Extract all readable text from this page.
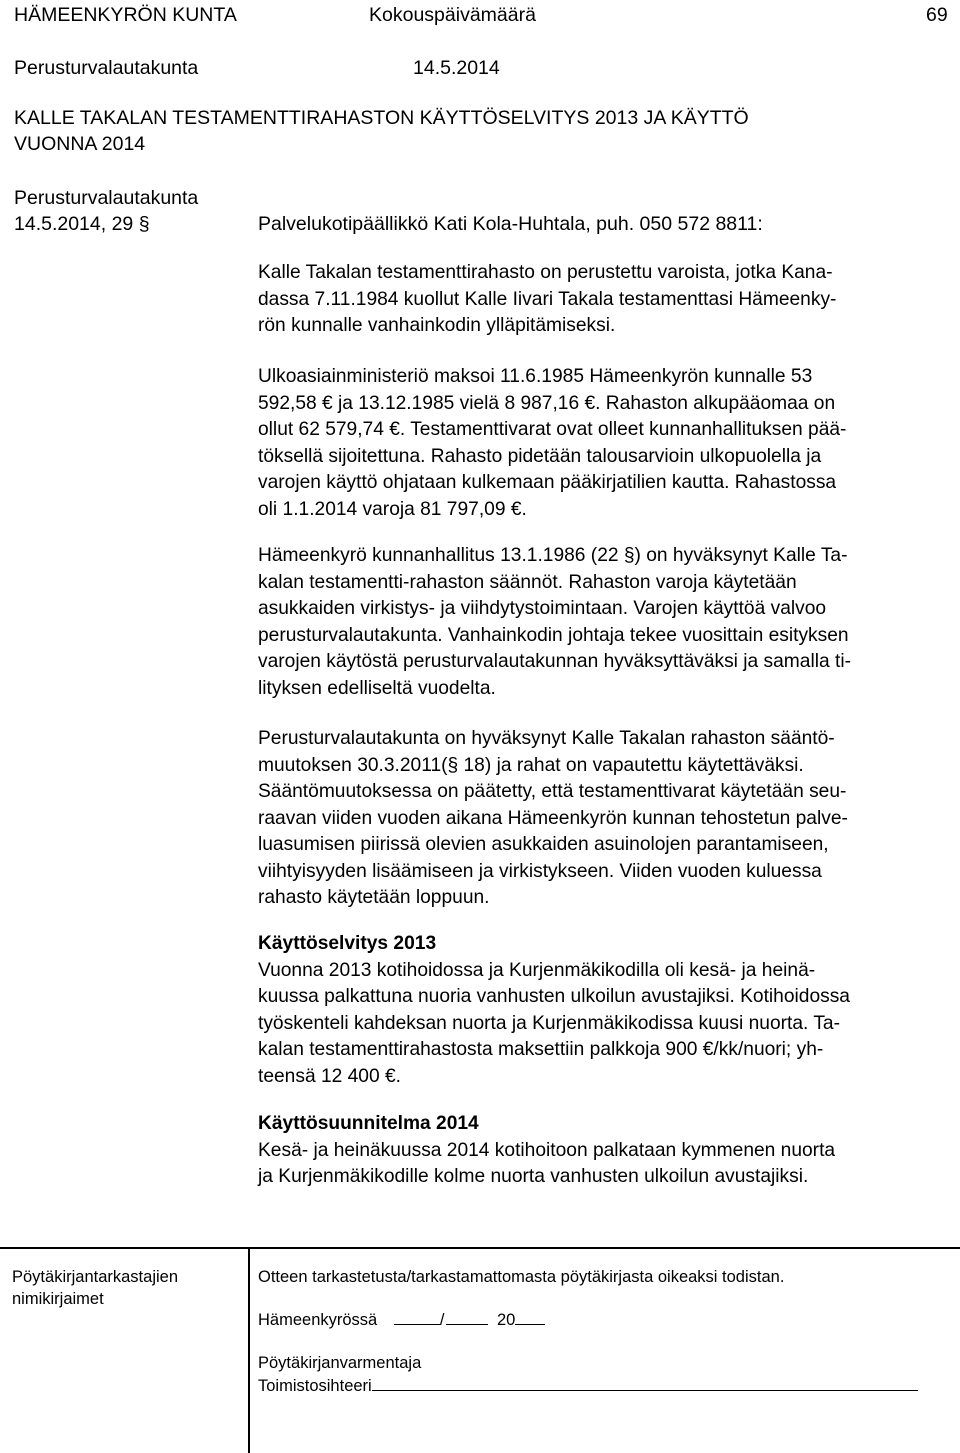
HÄMEENKYRÖN KUNTA	Kokouspäivämäärä	69
Perusturvalautakunta	14.5.2014
KALLE TAKALAN TESTAMENTTIRAHASTON KÄYTTÖSELVITYS 2013 JA KÄYTTÖ
VUONNA 2014
Perusturvalautakunta
14.5.2014, 29 §	Palvelukotipäällikkö Kati Kola-Huhtala, puh. 050 572 8811:

Kalle Takalan testamenttirahasto on perustettu varoista, jotka Kana-

dassa 7.11.1984 kuollut Kalle Iivari Takala testamenttasi Hämeenky-

rön kunnalle vanhainkodin ylläpitämiseksi.

Ulkoasiainministeriö maksoi 11.6.1985 Hämeenkyrön kunnalle 53

592,58 € ja 13.12.1985 vielä 8 987,16 €. Rahaston alkupääomaa on

ollut 62 579,74 €. Testamenttivarat ovat olleet kunnanhallituksen pää-

töksellä sijoitettuna. Rahasto pidetään talousarvioin ulkopuolella ja

varojen käyttö ohjataan kulkemaan pääkirjatilien kautta. Rahastossa

oli 1.1.2014 varoja 81 797,09 €.

Hämeenkyrö kunnanhallitus 13.1.1986 (22 §) on hyväksynyt Kalle Ta-

kalan testamentti-rahaston säännöt. Rahaston varoja käytetään

asukkaiden virkistys- ja viihdytystoimintaan. Varojen käyttöä valvoo

perusturvalautakunta. Vanhainkodin johtaja tekee vuosittain esityksen

varojen käytöstä perusturvalautakunnan hyväksyttäväksi ja samalla ti-

lityksen edelliseltä vuodelta.

Perusturvalautakunta on hyväksynyt Kalle Takalan rahaston sääntö-

muutoksen 30.3.2011(§ 18) ja rahat on vapautettu käytettäväksi.

Sääntömuutoksessa on päätetty, että testamenttivarat käytetään seu-

raavan viiden vuoden aikana Hämeenkyrön kunnan tehostetun palve-

luasumisen piirissä olevien asukkaiden asuinolojen parantamiseen,

viihtyisyyden lisäämiseen ja virkistykseen. Viiden vuoden kuluessa

rahasto käytetään loppuun.

Käyttöselvitys 2013

Vuonna 2013 kotihoidossa ja Kurjenmäkikodilla oli kesä- ja heinä-

kuussa palkattuna nuoria vanhusten ulkoilun avustajiksi. Kotihoidossa

työskenteli kahdeksan nuorta ja Kurjenmäkikodissa kuusi nuorta. Ta-

kalan testamenttirahastosta maksettiin palkkoja 900 €/kk/nuori; yh-

teensä 12 400 €.

Käyttösuunnitelma 2014

Kesä- ja heinäkuussa 2014 kotihoitoon palkataan kymmenen nuorta

ja Kurjenmäkikodille kolme nuorta vanhusten ulkoilun avustajiksi.

Pöytäkirjantarkastajien
nimikirjaimet
Otteen tarkastetusta/tarkastamattomasta pöytäkirjasta oikeaksi todistan.
Hämeenkyrössä	/	20
Pöytäkirjanvarmentaja
Toimistosihteeri
